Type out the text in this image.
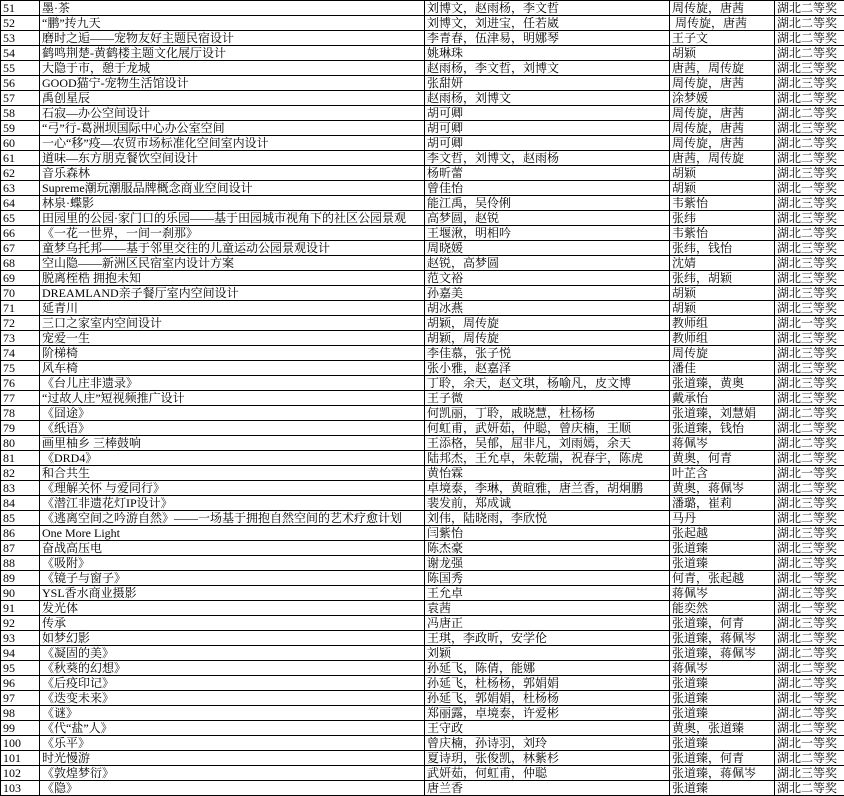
51	墨·茶	刘博文，赵雨杨，李文哲	周传旋，唐茜	湖北二等奖
52	“鹏”抟九天	刘博文，刘进宝，任若崴	周传旋，唐茜	湖北二等奖
53	磨时之逅——宠物友好主题民宿设计	李青春，伍津易，明娜琴	王子文	湖北二等奖
54	鹤鸣荆楚-黄鹤楼主题文化展厅设计	姚琳珠	胡颖	湖北二等奖
55	大隐于市，憩于龙城	赵雨杨，李文哲，刘博文	唐茜，周传旋	湖北三等奖
56	GOOD猫宁-宠物生活馆设计	张甜妍	周传旋，唐茜	湖北三等奖
57	禹创星辰	赵雨杨，刘博文	涂梦媛	湖北二等奖
58	石寂—办公空间设计	胡可卿	周传旋，唐茜	湖北二等奖
59	“弓”行-葛洲坝国际中心办公室空间	胡可卿	周传旋，唐茜	湖北三等奖
60	一心“移”疫—农贸市场标准化空间室内设计	胡可卿	周传旋，唐茜	湖北二等奖
61	道味—东方朋克餐饮空间设计	李文哲，刘博文，赵雨杨	唐茜，周传旋	湖北二等奖
62	音乐森林	杨昕蕾	胡颖	湖北三等奖
63	Supreme潮玩潮服品牌概念商业空间设计	曾佳怡	胡颖	湖北一等奖
64	林泉·蝶影	能江禹，吴伶俐	韦紫怡	湖北三等奖
65	田园里的公园·家门口的乐园——基于田园城市视角下的社区公园景观	高梦圆，赵锐	张纬	湖北三等奖
66	《一花一世界，一间一刹那》	王堰湫，明相吟	韦紫怡	湖北二等奖
67	童梦乌托邦——基于邻里交往的儿童运动公园景观设计	周晓媛	张纬，钱怡	湖北三等奖
68	空山隐——新洲区民宿室内设计方案	赵锐，高梦圆	沈婧	湖北三等奖
69	脱离桎梏 拥抱未知	范文裕	张纬，胡颖	湖北三等奖
70	DREAMLAND亲子餐厅室内空间设计	孙嘉美	胡颖	湖北三等奖
71	延青川	胡冰燕	胡颖	湖北三等奖
72	三口之家室内空间设计	胡颖，周传旋	教师组	湖北一等奖
73	宠爱一生	胡颖，周传旋	教师组	湖北三等奖
74	阶梯椅	李佳慕，张子悦	周传旋	湖北三等奖
75	风车椅	张小雅，赵嘉泽	潘佳	湖北三等奖
76	《台儿庄非遗录》	丁聆，余天，赵文琪，杨喻凡，皮文博	张道臻，黄奥	湖北三等奖
77	“过故人庄”短视频推广设计	王子微	戴承怡	湖北三等奖
78	《囧途》	何凯丽，丁聆，戚晓慧，杜杨杨	张道臻，刘慧娟	湖北二等奖
79	《纸语》	何虹甫，武妍茹，仲聪，曾庆楠，王顺	张道臻，钱怡	湖北二等奖
80	画里柚乡 三棒鼓响	王添格，吴郁，屈非凡，刘雨嫣，余天	蒋佩岑	湖北二等奖
81	《DRD4》	陆邦杰，王允卓，朱乾瑞，祝春宇，陈虎	黄奥，何青	湖北二等奖
82	和合共生	黄怡霖	叶芷含	湖北一等奖
83	《理解关怀 与爱同行》	卓境泰，李琳，黄暄雅，唐兰香，胡炯鹏	黄奥，蒋佩岑	湖北二等奖
84	《潜江非遗花灯IP设计》	裴发前，郑成诚	潘璐，崔莉	湖北三等奖
85	《逃离空间之吟游自然》——一场基于拥抱自然空间的艺术疗愈计划	刘伟，陆晓雨，李欣悦	马丹	湖北二等奖
86	One More Light	闫紫怡	张起越	湖北三等奖
87	奋战高压电	陈杰豪	张道臻	湖北三等奖
88	《吸附》	谢龙强	张道臻	湖北三等奖
89	《镜子与窗子》	陈国秀	何青，张起越	湖北一等奖
90	YSL香水商业摄影	王允卓	蒋佩岑	湖北三等奖
91	发光体	袁茜	能奕然	湖北一等奖
92	传承	冯唐正	张道臻，何青	湖北三等奖
93	如梦幻影	王琪，李政昕，安学伦	张道臻，蒋佩岑	湖北二等奖
94	《凝固的美》	刘颖	张道臻，蒋佩岑	湖北二等奖
95	《秋葵的幻想》	孙延飞，陈倩，能娜	蒋佩岑	湖北二等奖
96	《后疫印记》	孙延飞，杜杨杨，郭娟娟	张道臻	湖北二等奖
97	《迭变未来》	孙延飞，郭娟娟，杜杨杨	张道臻	湖北一等奖
98	《谜》	郑丽露，卓境泰，许爱彬	张道臻	湖北二等奖
99	《代“盐”人》	王守政	黄奥，张道臻	湖北二等奖
100	《乐平》	曾庆楠，孙诗羽，刘玲	张道臻	湖北一等奖
101	时光慢游	夏诗玥，张俊凯，林紫杉	张道臻，何青	湖北二等奖
102	《敦煌梦衍》	武妍茹，何虹甫，仲聪	张道臻，蒋佩岑	湖北三等奖
103	《隐》	唐兰香	张道臻	湖北二等奖
